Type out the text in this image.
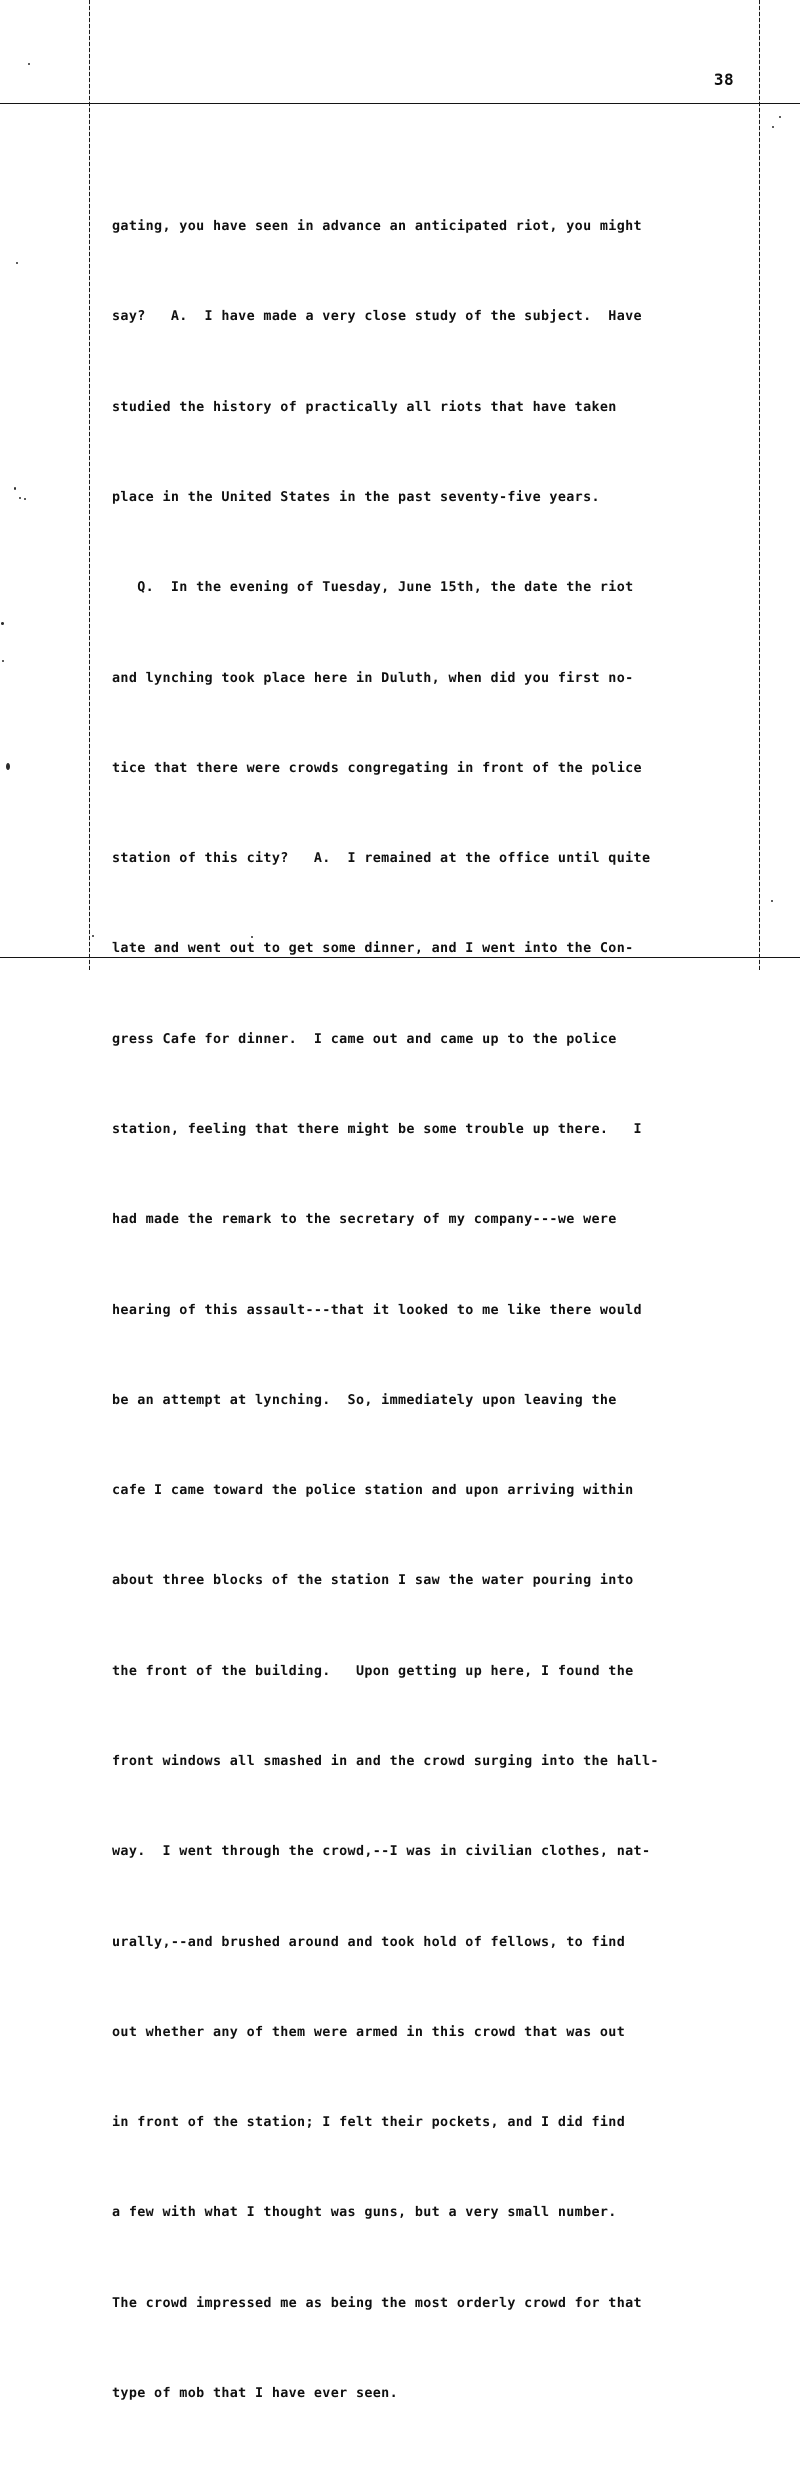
38

gating, you have seen in advance an anticipated riot, you might

say?   A.  I have made a very close study of the subject.  Have

studied the history of practically all riots that have taken

place in the United States in the past seventy-five years.

Q.  In the evening of Tuesday, June 15th, the date the riot

and lynching took place here in Duluth, when did you first no-

tice that there were crowds congregating in front of the police

station of this city?   A.  I remained at the office until quite

late and went out to get some dinner, and I went into the Con-

gress Cafe for dinner.  I came out and came up to the police

station, feeling that there might be some trouble up there.   I

had made the remark to the secretary of my company---we were

hearing of this assault---that it looked to me like there would

be an attempt at lynching.  So, immediately upon leaving the

cafe I came toward the police station and upon arriving within

about three blocks of the station I saw the water pouring into

the front of the building.   Upon getting up here, I found the

front windows all smashed in and the crowd surging into the hall-

way.  I went through the crowd,--I was in civilian clothes, nat-

urally,--and brushed around and took hold of fellows, to find

out whether any of them were armed in this crowd that was out

in front of the station; I felt their pockets, and I did find

a few with what I thought was guns, but a very small number.

The crowd impressed me as being the most orderly crowd for that

type of mob that I have ever seen.
